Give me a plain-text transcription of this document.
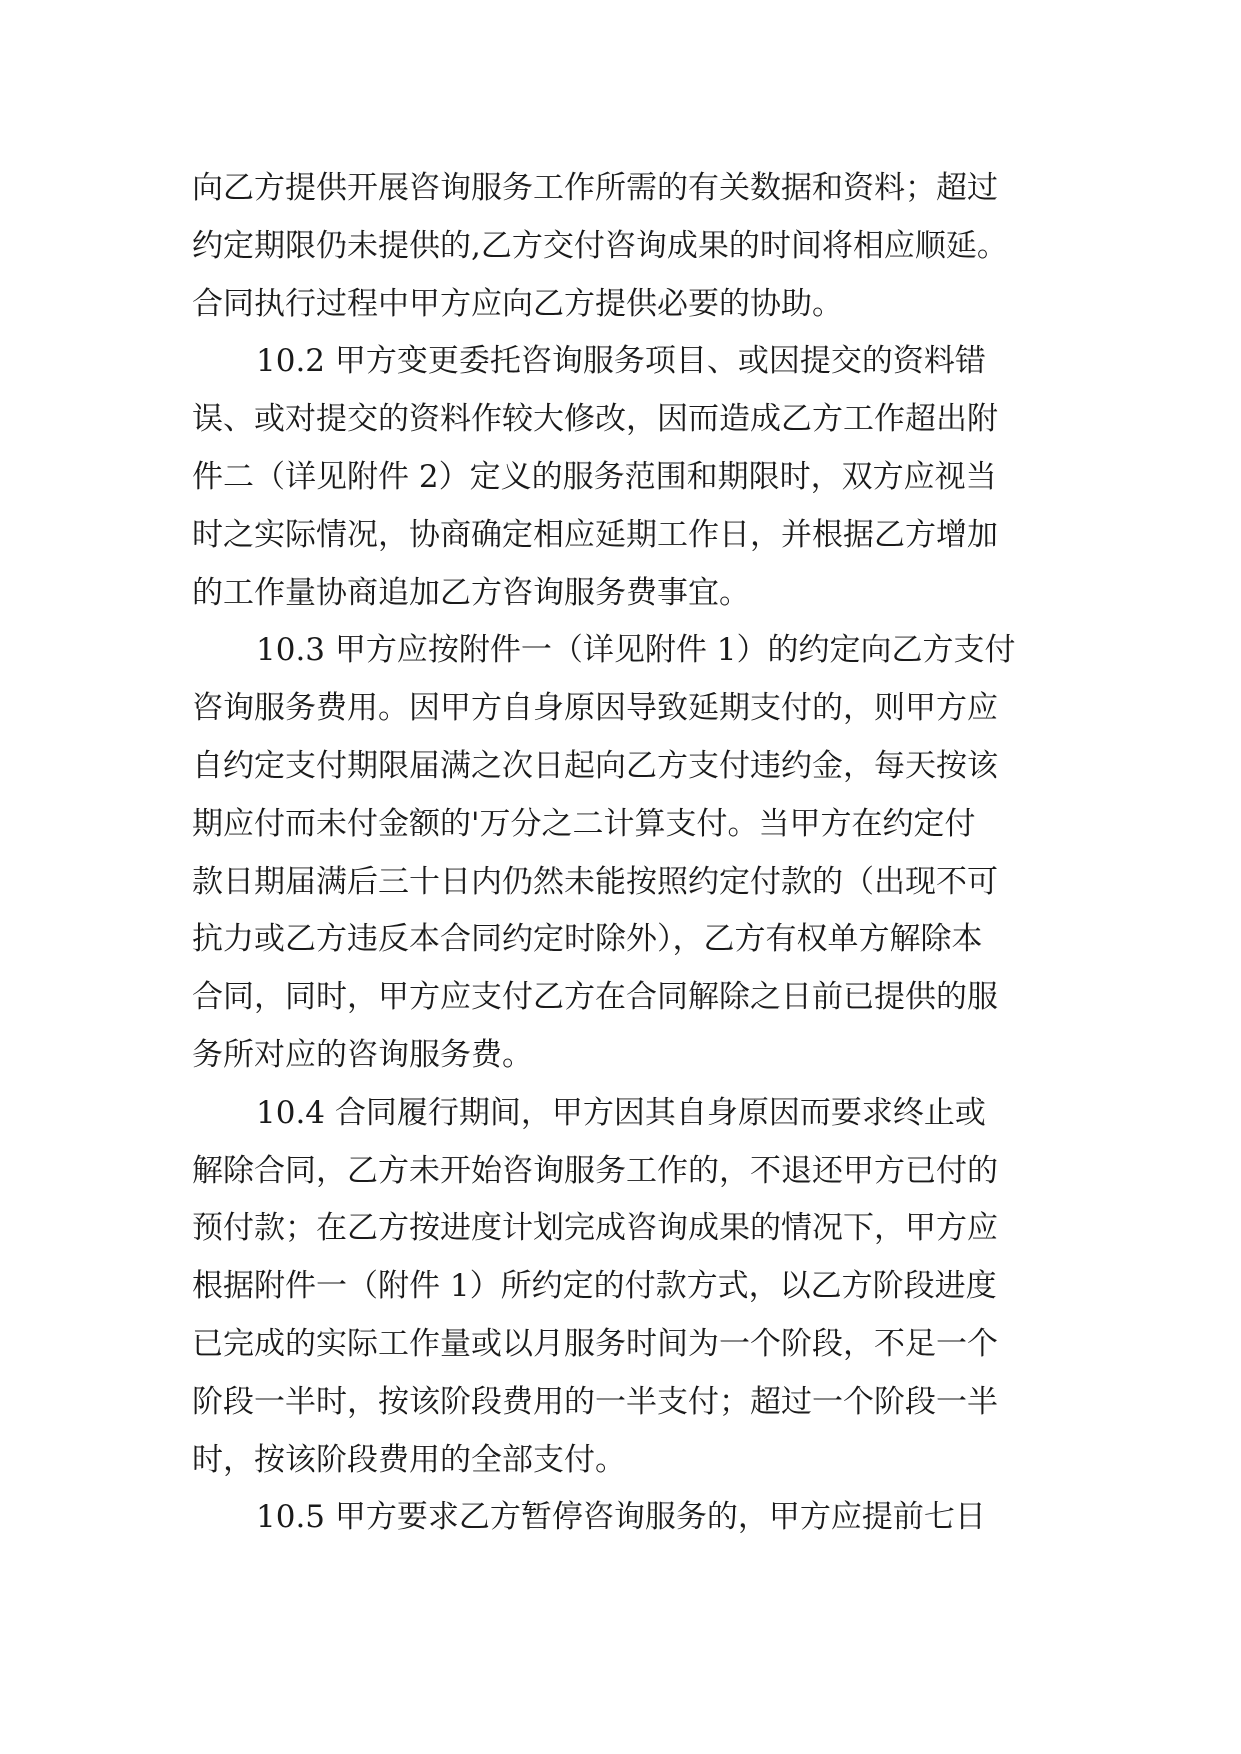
向乙方提供开展咨询服务工作所需的有关数据和资料；超过
约定期限仍未提供的,乙方交付咨询成果的时间将相应顺延。
合同执行过程中甲方应向乙方提供必要的协助。
10.2 甲方变更委托咨询服务项目、或因提交的资料错
误、或对提交的资料作较大修改，因而造成乙方工作超出附
件二（详见附件 2）定义的服务范围和期限时，双方应视当
时之实际情况，协商确定相应延期工作日，并根据乙方增加
的工作量协商追加乙方咨询服务费事宜。
10.3 甲方应按附件一（详见附件 1）的约定向乙方支付
咨询服务费用。因甲方自身原因导致延期支付的，则甲方应
自约定支付期限届满之次日起向乙方支付违约金，每天按该
期应付而未付金额的'万分之二计算支付。当甲方在约定付
款日期届满后三十日内仍然未能按照约定付款的（出现不可
抗力或乙方违反本合同约定时除外），乙方有权单方解除本
合同，同时，甲方应支付乙方在合同解除之日前已提供的服
务所对应的咨询服务费。
10.4 合同履行期间，甲方因其自身原因而要求终止或
解除合同，乙方未开始咨询服务工作的，不退还甲方已付的
预付款；在乙方按进度计划完成咨询成果的情况下，甲方应
根据附件一（附件 1）所约定的付款方式，以乙方阶段进度
已完成的实际工作量或以月服务时间为一个阶段，不足一个
阶段一半时，按该阶段费用的一半支付；超过一个阶段一半
时，按该阶段费用的全部支付。
10.5 甲方要求乙方暂停咨询服务的，甲方应提前七日
